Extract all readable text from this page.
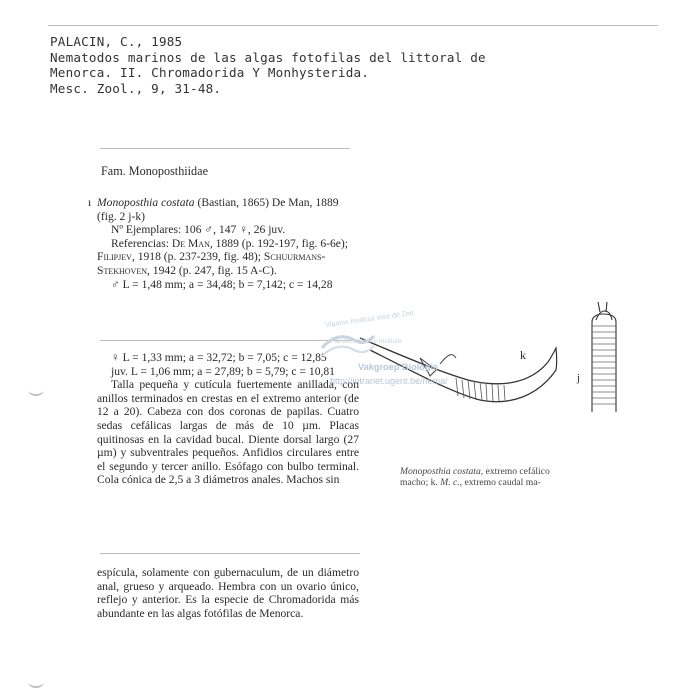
PALACIN, C., 1985
Nematodos marinos de las algas fotofilas del littoral de
Menorca. II. Chromadorida Y Monhysterida.
Mesc. Zool., 9, 31-48.
Fam. Monoposthiidae

ı Monoposthia costata (Bastian, 1865) De Man, 1889

(fig. 2 j-k)

Nº Ejemplares: 106 ♂, 147 ♀, 26 juv.

Referencias: De Man, 1889 (p. 192-197, fig. 6-6e); Filipjev, 1918 (p. 237-239, fig. 48); Schuurmans-Stekhoven, 1942 (p. 247, fig. 15 A-C).

♂ L = 1,48 mm; a = 34,48; b = 7,142; c = 14,28

♀ L = 1,33 mm; a = 32,72; b = 7,05; c = 12,85

juv. L = 1,06 mm; a = 27,89; b = 5,79; c = 10,81

Talla pequeña y cutícula fuertemente anillada, con anillos terminados en crestas en el extremo anterior (de 12 a 20). Cabeza con dos coronas de papilas. Cuatro sedas cefálicas largas de más de 10 µm. Placas quitinosas en la cavidad bucal. Diente dorsal largo (27 µm) y subventrales pequeños. Anfidios circulares entre el segundo y tercer anillo. Esófago con bulbo terminal. Cola cónica de 2,5 a 3 diámetros anales. Machos sin

espícula, solamente con gubernaculum, de un diámetro anal, grueso y arqueado. Hembra con un ovario único, reflejo y anterior. Es la especie de Chromadorida más abundante en las algas fotófilas de Menorca.

k
j
Vlaams Instituut voor de Zee
Flanders Marine Institute
Vakgroep Biologie
http://intranet.ugent.be/nema/
Monoposthia costata, extremo cefálico macho; k. M. c., extremo caudal ma-
